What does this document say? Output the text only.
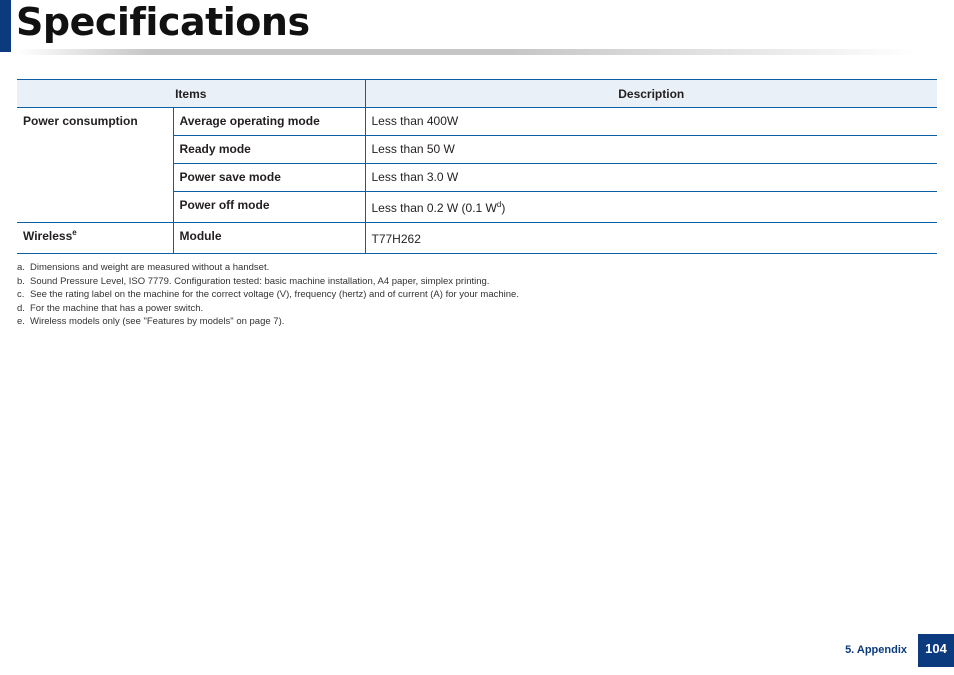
Specifications
Items		Description
Power consumption	Average operating mode	Less than 400W
	Ready mode	Less than 50 W
	Power save mode	Less than 3.0 W
	Power off mode	Less than 0.2 W (0.1 $W^d$)
Wireless$^e$	Module	T77H262
a. Dimensions and weight are measured without a handset.
b. Sound Pressure Level, ISO 7779. Configuration tested: basic machine installation, A4 paper, simplex printing.
c. See the rating label on the machine for the correct voltage (V), frequency (hertz) and of current (A) for your machine.
d. For the machine that has a power switch.
e. Wireless models only (see "Features by models" on page 7).
5. Appendix	104
